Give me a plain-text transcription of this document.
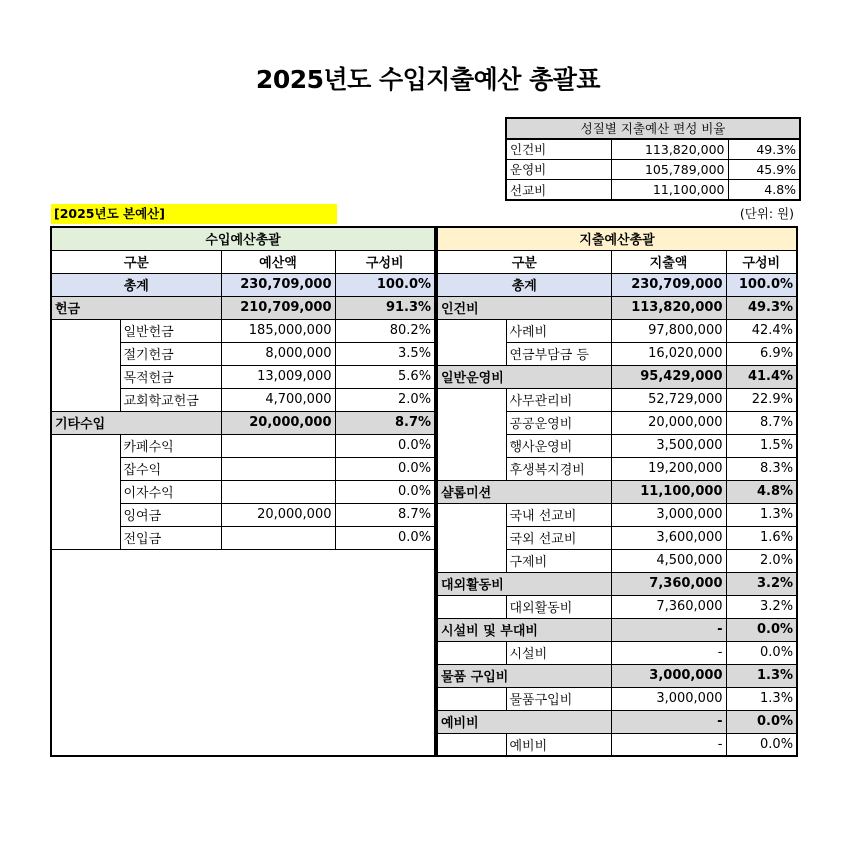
2025년도 수입지출예산 총괄표
성질별 지출예산 편성 비율		
인건비	113,820,000	49.3%
운영비	105,789,000	45.9%
선교비	11,100,000	4.8%
[2025년도 본예산]	(단위: 원)
수입예산총괄			
구분		예산액	구성비
총계		230,709,000	100.0%
헌금		210,709,000	91.3%
	일반헌금	185,000,000	80.2%
	절기헌금	8,000,000	3.5%
	목적헌금	13,009,000	5.6%
	교회학교헌금	4,700,000	2.0%
기타수입		20,000,000	8.7%
	카페수익		0.0%
	잡수익		0.0%
	이자수익		0.0%
	잉여금	20,000,000	8.7%
	전입금		0.0%

지출예산총괄			
구분		지출액	구성비
총계		230,709,000	100.0%
인건비		113,820,000	49.3%
	사례비	97,800,000	42.4%
	연금부담금 등	16,020,000	6.9%
일반운영비		95,429,000	41.4%
	사무관리비	52,729,000	22.9%
	공공운영비	20,000,000	8.7%
	행사운영비	3,500,000	1.5%
	후생복지경비	19,200,000	8.3%
샬롬미션		11,100,000	4.8%
	국내 선교비	3,000,000	1.3%
	국외 선교비	3,600,000	1.6%
	구제비	4,500,000	2.0%
대외활동비		7,360,000	3.2%
	대외활동비	7,360,000	3.2%
시설비 및 부대비		-	0.0%
	시설비	-	0.0%
물품 구입비		3,000,000	1.3%
	물품구입비	3,000,000	1.3%
예비비		-	0.0%
	예비비	-	0.0%
